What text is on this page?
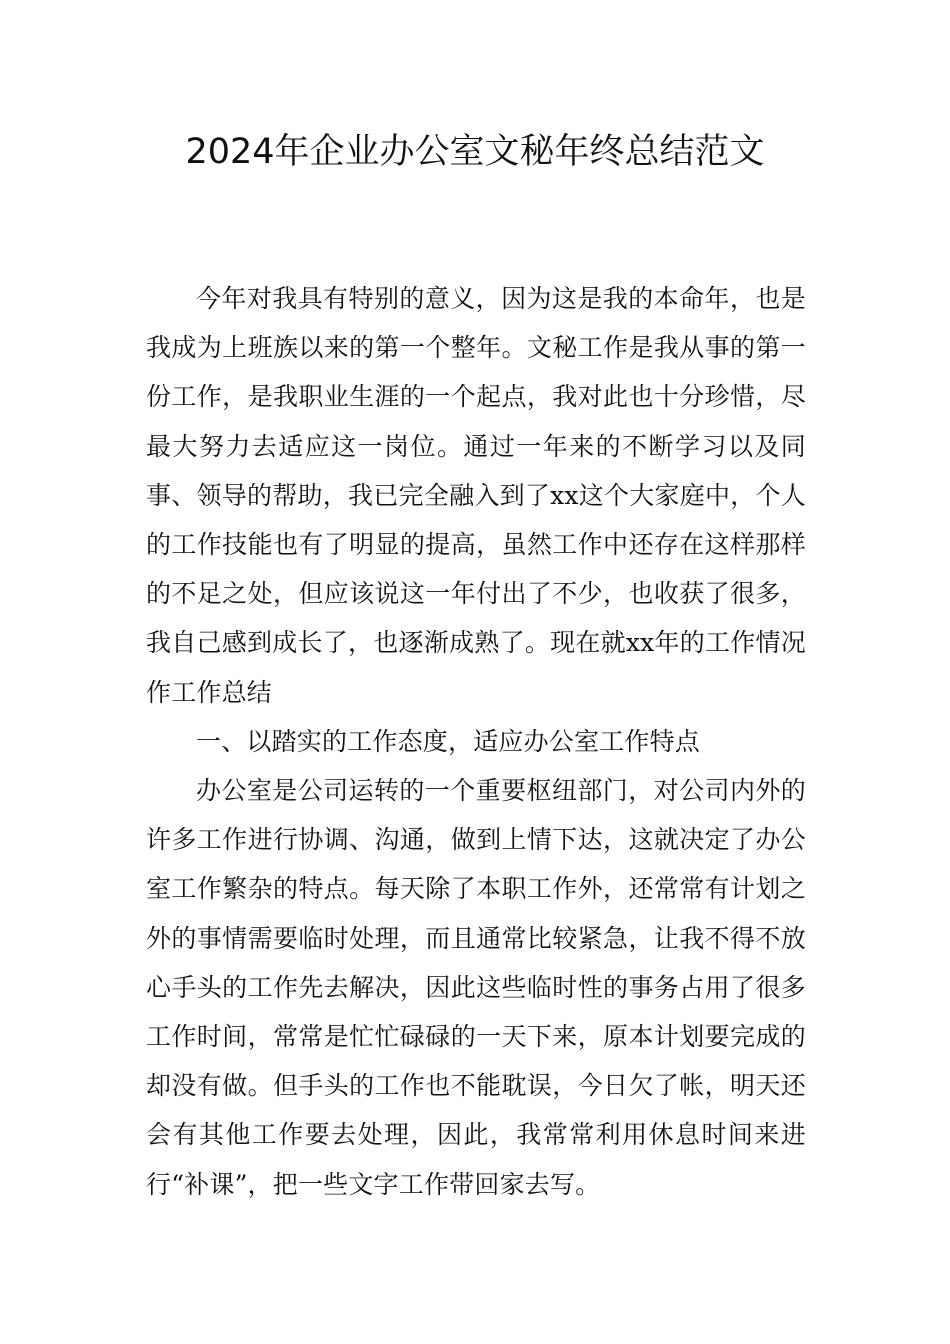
2024年企业办公室文秘年终总结范文

今年对我具有特别的意义，因为这是我的本命年，也是我成为上班族以来的第一个整年。文秘工作是我从事的第一份工作，是我职业生涯的一个起点，我对此也十分珍惜，尽最大努力去适应这一岗位。通过一年来的不断学习以及同事、领导的帮助，我已完全融入到了xx这个大家庭中，个人的工作技能也有了明显的提高，虽然工作中还存在这样那样的不足之处，但应该说这一年付出了不少，也收获了很多，我自己感到成长了，也逐渐成熟了。现在就xx年的工作情况作工作总结

一、以踏实的工作态度，适应办公室工作特点

办公室是公司运转的一个重要枢纽部门，对公司内外的许多工作进行协调、沟通，做到上情下达，这就决定了办公室工作繁杂的特点。每天除了本职工作外，还常常有计划之外的事情需要临时处理，而且通常比较紧急，让我不得不放心手头的工作先去解决，因此这些临时性的事务占用了很多工作时间，常常是忙忙碌碌的一天下来，原本计划要完成的却没有做。但手头的工作也不能耽误，今日欠了帐，明天还会有其他工作要去处理，因此，我常常利用休息时间来进行“补课”，把一些文字工作带回家去写。
